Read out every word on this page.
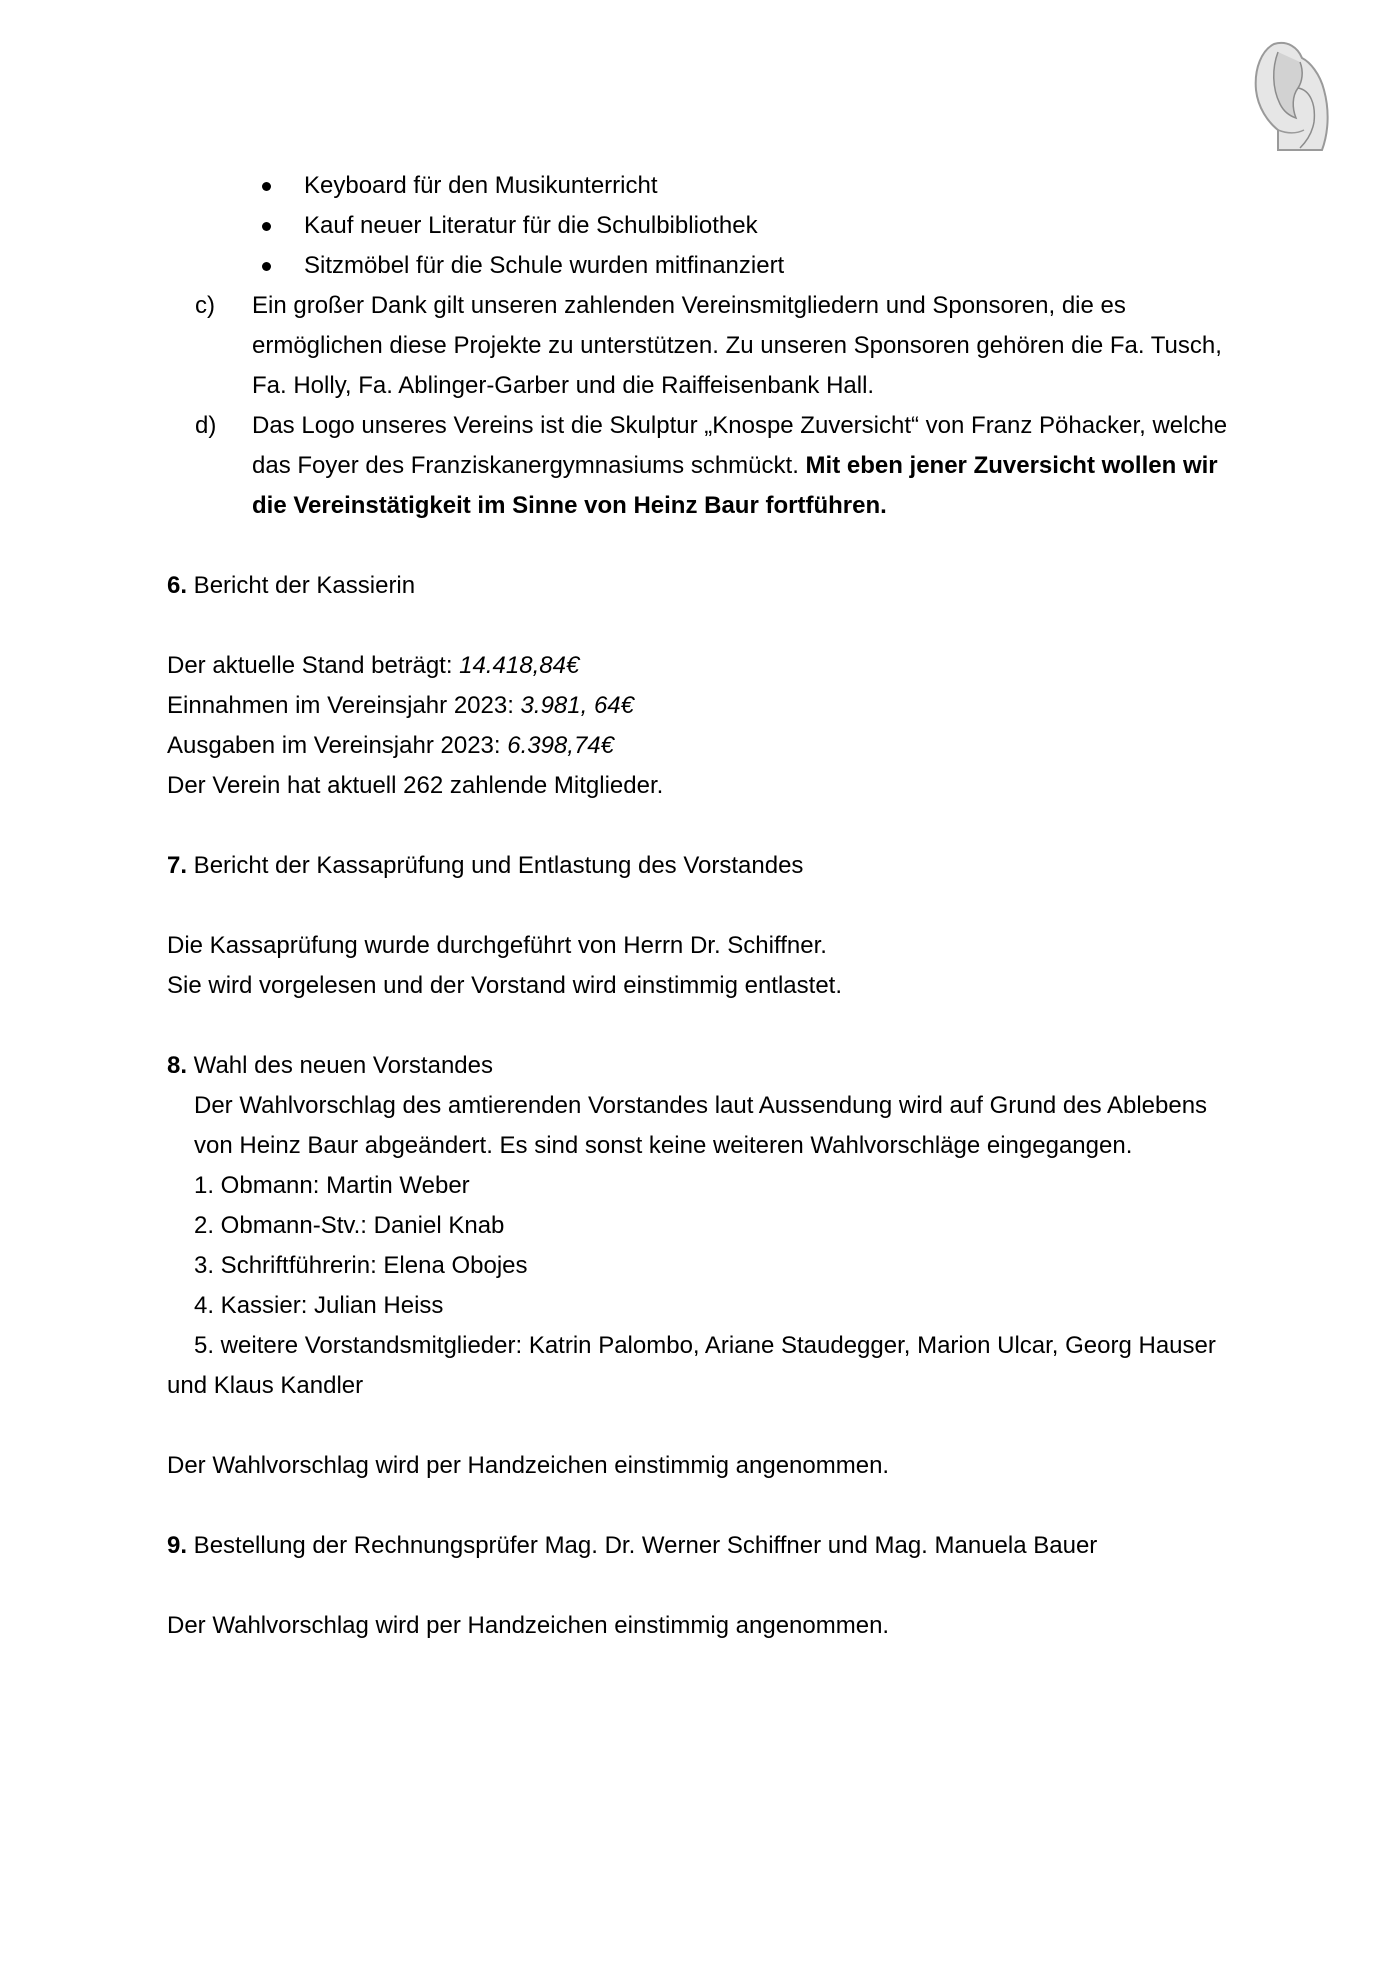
Keyboard für den Musikunterricht
Kauf neuer Literatur für die Schulbibliothek
Sitzmöbel für die Schule wurden mitfinanziert
c) Ein großer Dank gilt unseren zahlenden Vereinsmitgliedern und Sponsoren, die es ermöglichen diese Projekte zu unterstützen. Zu unseren Sponsoren gehören die Fa. Tusch, Fa. Holly, Fa. Ablinger-Garber und die Raiffeisenbank Hall.

d) Das Logo unseres Vereins ist die Skulptur „Knospe Zuversicht“ von Franz Pöhacker, welche das Foyer des Franziskanergymnasiums schmückt. Mit eben jener Zuversicht wollen wir die Vereinstätigkeit im Sinne von Heinz Baur fortführen.

6. Bericht der Kassierin

Der aktuelle Stand beträgt: 14.418,84€

Einnahmen im Vereinsjahr 2023: 3.981, 64€

Ausgaben im Vereinsjahr 2023: 6.398,74€

Der Verein hat aktuell 262 zahlende Mitglieder.

7. Bericht der Kassaprüfung und Entlastung des Vorstandes

Die Kassaprüfung wurde durchgeführt von Herrn Dr. Schiffner.

Sie wird vorgelesen und der Vorstand wird einstimmig entlastet.

8. Wahl des neuen Vorstandes

Der Wahlvorschlag des amtierenden Vorstandes laut Aussendung wird auf Grund des Ablebens von Heinz Baur abgeändert. Es sind sonst keine weiteren Wahlvorschläge eingegangen.

1. Obmann: Martin Weber

2. Obmann-Stv.: Daniel Knab

3. Schriftführerin: Elena Obojes

4. Kassier: Julian Heiss

5. weitere Vorstandsmitglieder: Katrin Palombo, Ariane Staudegger, Marion Ulcar, Georg Hauser und Klaus Kandler

Der Wahlvorschlag wird per Handzeichen einstimmig angenommen.

9. Bestellung der Rechnungsprüfer Mag. Dr. Werner Schiffner und Mag. Manuela Bauer

Der Wahlvorschlag wird per Handzeichen einstimmig angenommen.
